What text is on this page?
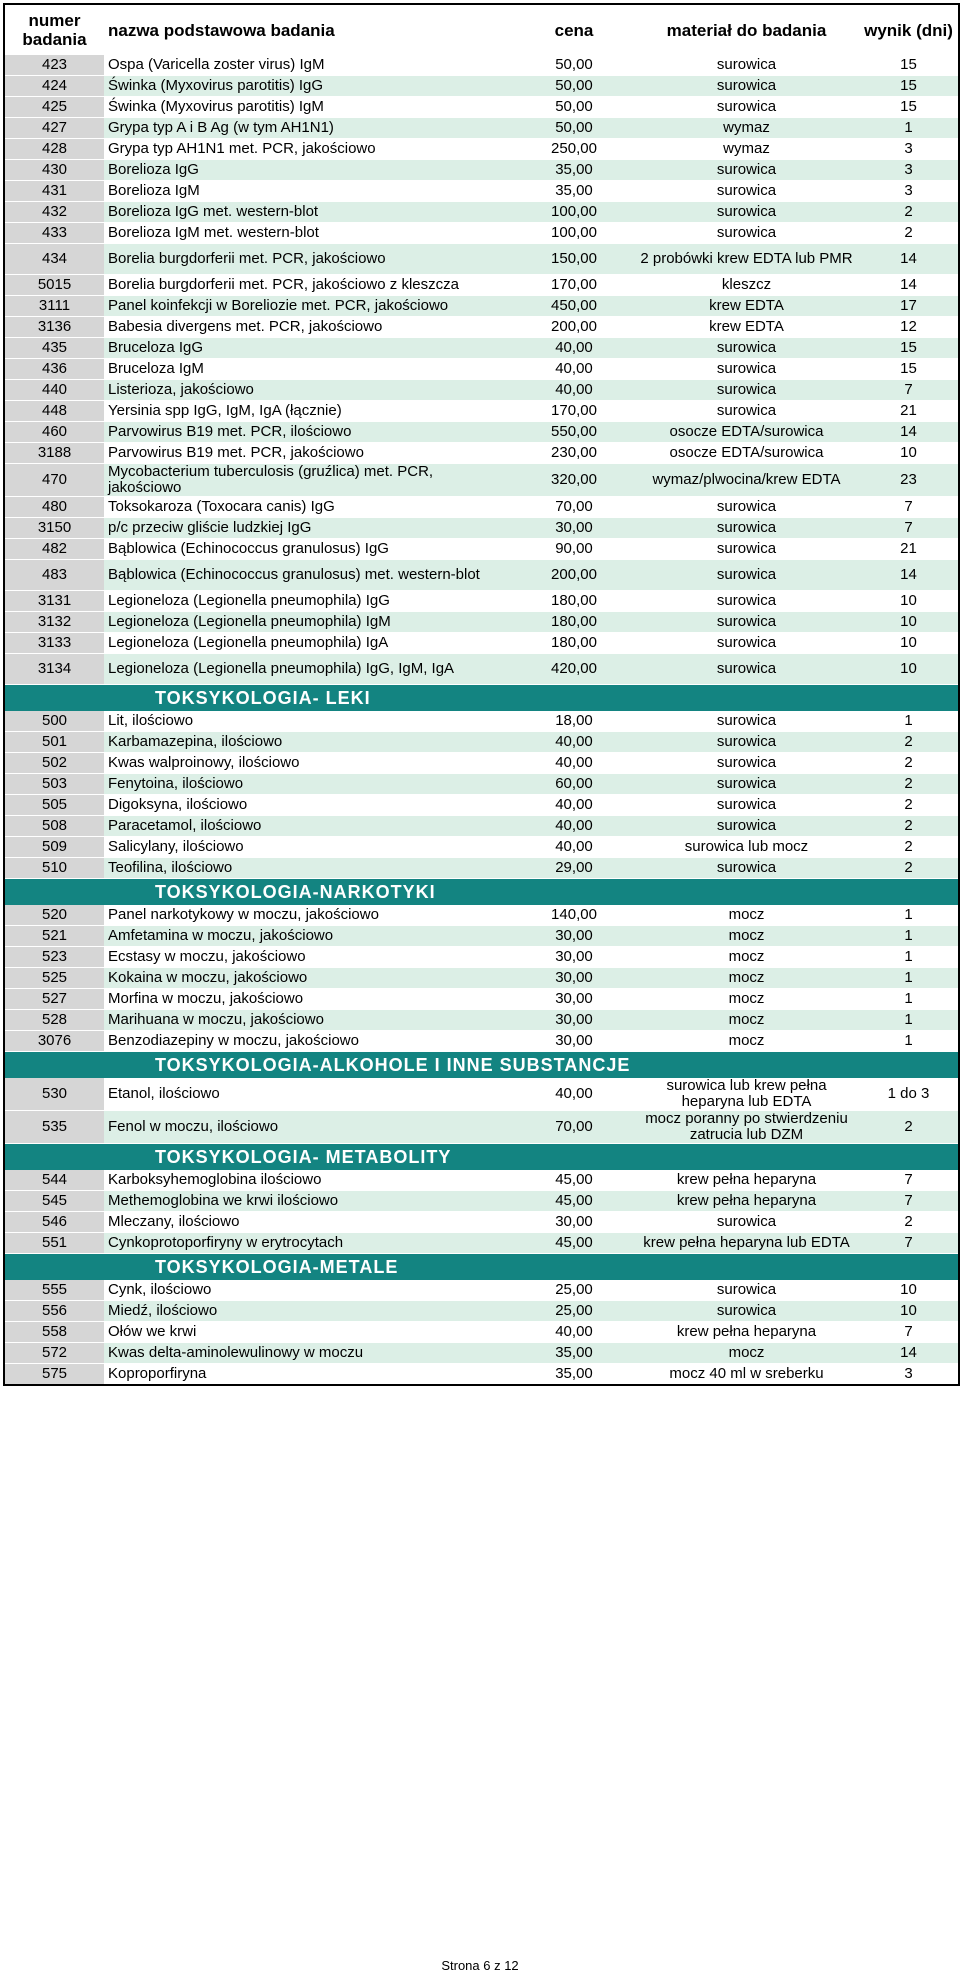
numer
badania	nazwa podstawowa badania	cena	materiał do badania	wynik (dni)
423	Ospa (Varicella zoster virus) IgM	50,00	surowica	15
424	Świnka (Myxovirus parotitis) IgG	50,00	surowica	15
425	Świnka (Myxovirus parotitis) IgM	50,00	surowica	15
427	Grypa typ A i B Ag (w tym AH1N1)	50,00	wymaz	1
428	Grypa typ AH1N1 met. PCR, jakościowo	250,00	wymaz	3
430	Borelioza IgG	35,00	surowica	3
431	Borelioza IgM	35,00	surowica	3
432	Borelioza IgG met. western-blot	100,00	surowica	2
433	Borelioza IgM met. western-blot	100,00	surowica	2
434	Borelia burgdorferii met. PCR, jakościowo	150,00	2 probówki krew EDTA lub PMR	14
5015	Borelia burgdorferii met. PCR, jakościowo z kleszcza	170,00	kleszcz	14
3111	Panel koinfekcji w Boreliozie met. PCR, jakościowo	450,00	krew EDTA	17
3136	Babesia divergens met. PCR, jakościowo	200,00	krew EDTA	12
435	Bruceloza IgG	40,00	surowica	15
436	Bruceloza IgM	40,00	surowica	15
440	Listerioza, jakościowo	40,00	surowica	7
448	Yersinia spp IgG, IgM, IgA (łącznie)	170,00	surowica	21
460	Parvowirus B19 met. PCR, ilościowo	550,00	osocze EDTA/surowica	14
3188	Parvowirus B19 met. PCR, jakościowo	230,00	osocze EDTA/surowica	10
470	Mycobacterium tuberculosis (gruźlica) met. PCR, jakościowo	320,00	wymaz/plwocina/krew EDTA	23
480	Toksokaroza (Toxocara canis) IgG	70,00	surowica	7
3150	p/c przeciw gliście ludzkiej IgG	30,00	surowica	7
482	Bąblowica (Echinococcus granulosus) IgG	90,00	surowica	21
483	Bąblowica (Echinococcus granulosus) met. western-blot	200,00	surowica	14
3131	Legioneloza (Legionella pneumophila) IgG	180,00	surowica	10
3132	Legioneloza (Legionella pneumophila) IgM	180,00	surowica	10
3133	Legioneloza (Legionella pneumophila) IgA	180,00	surowica	10
3134	Legioneloza (Legionella pneumophila) IgG, IgM, IgA	420,00	surowica	10
TOKSYKOLOGIA- LEKI				
500	Lit, ilościowo	18,00	surowica	1
501	Karbamazepina, ilościowo	40,00	surowica	2
502	Kwas walproinowy, ilościowo	40,00	surowica	2
503	Fenytoina, ilościowo	60,00	surowica	2
505	Digoksyna, ilościowo	40,00	surowica	2
508	Paracetamol, ilościowo	40,00	surowica	2
509	Salicylany, ilościowo	40,00	surowica lub mocz	2
510	Teofilina, ilościowo	29,00	surowica	2
TOKSYKOLOGIA-NARKOTYKI				
520	Panel narkotykowy w moczu, jakościowo	140,00	mocz	1
521	Amfetamina w moczu, jakościowo	30,00	mocz	1
523	Ecstasy w moczu, jakościowo	30,00	mocz	1
525	Kokaina w moczu, jakościowo	30,00	mocz	1
527	Morfina w moczu, jakościowo	30,00	mocz	1
528	Marihuana w moczu, jakościowo	30,00	mocz	1
3076	Benzodiazepiny w moczu, jakościowo	30,00	mocz	1
TOKSYKOLOGIA-ALKOHOLE I INNE SUBSTANCJE				
530	Etanol, ilościowo	40,00	surowica lub krew pełna heparyna lub EDTA	1 do 3
535	Fenol w moczu, ilościowo	70,00	mocz poranny po stwierdzeniu zatrucia lub DZM	2
TOKSYKOLOGIA- METABOLITY				
544	Karboksyhemoglobina ilościowo	45,00	krew pełna heparyna	7
545	Methemoglobina we krwi ilościowo	45,00	krew pełna heparyna	7
546	Mleczany, ilościowo	30,00	surowica	2
551	Cynkoprotoporfiryny w erytrocytach	45,00	krew pełna heparyna lub EDTA	7
TOKSYKOLOGIA-METALE				
555	Cynk, ilościowo	25,00	surowica	10
556	Miedź, ilościowo	25,00	surowica	10
558	Ołów we krwi	40,00	krew pełna heparyna	7
572	Kwas delta-aminolewulinowy w moczu	35,00	mocz	14
575	Koproporfiryna	35,00	mocz 40 ml w sreberku	3
Strona 6 z 12
